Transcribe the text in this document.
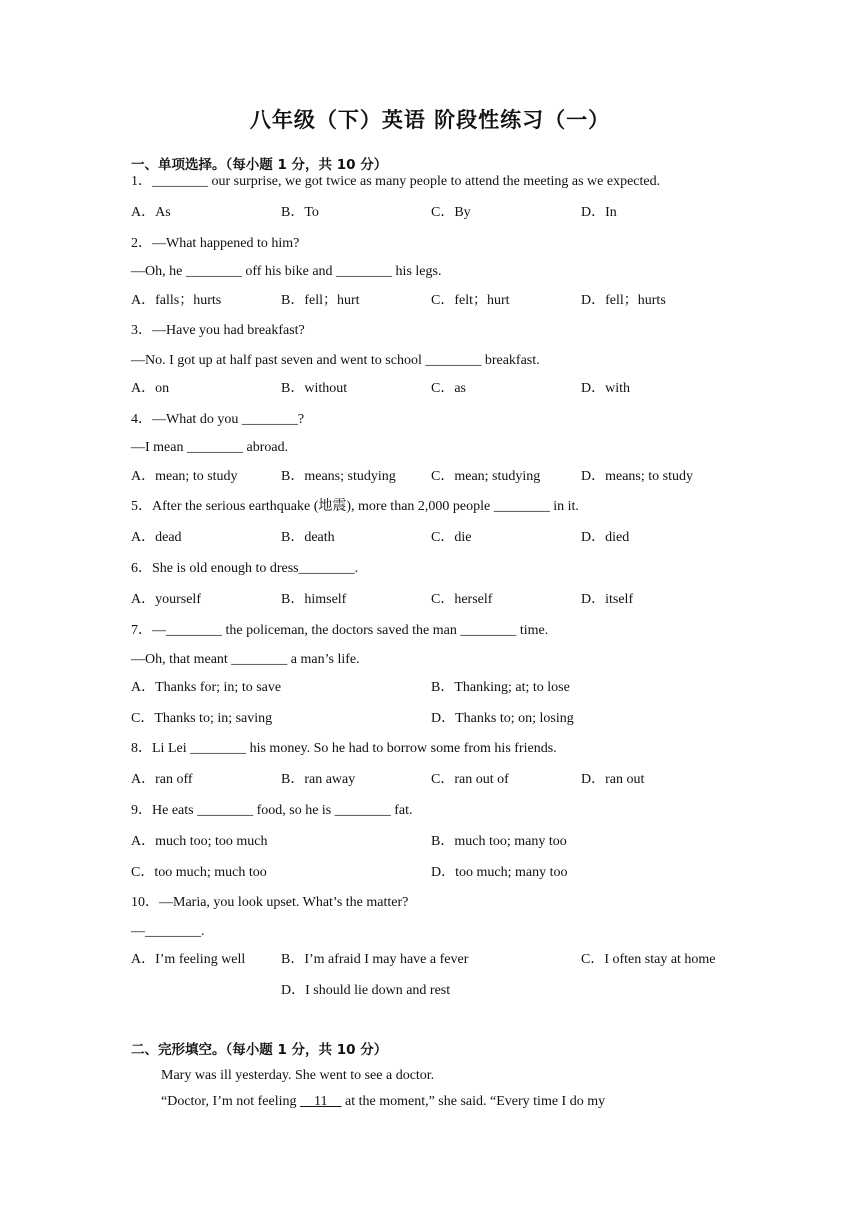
八年级（下）英语 阶段性练习（一）
一、单项选择。（每小题 1 分，共 10 分）
1．________ our surprise, we got twice as many people to attend the meeting as we expected.
A．As	B．To	C．By	D．In
2．—What happened to him?
—Oh, he ________ off his bike and ________ his legs.
A．falls；hurts	B．fell；hurt	C．felt；hurt	D．fell；hurts
3．—Have you had breakfast?
—No. I got up at half past seven and went to school ________ breakfast.
A．on	B．without	C．as	D．with
4．—What do you ________?
—I mean ________ abroad.
A．mean; to study	B．means; studying	C．mean; studying	D．means; to study
5．After the serious earthquake (地震), more than 2,000 people ________ in it.
A．dead	B．death	C．die	D．died
6．She is old enough to dress________.
A．yourself	B．himself	C．herself	D．itself
7．—________ the policeman, the doctors saved the man ________ time.
—Oh, that meant ________ a man’s life.
A．Thanks for; in; to save	B．Thanking; at; to lose
C．Thanks to; in; saving	D．Thanks to; on; losing
8．Li Lei ________ his money. So he had to borrow some from his friends.
A．ran off	B．ran away	C．ran out of	D．ran out
9．He eats ________ food, so he is ________ fat.
A．much too; too much	B．much too; many too
C．too much; much too	D．too much; many too
10．—Maria, you look upset. What’s the matter?
—________.
A．I’m feeling well	B．I’m afraid I may have a fever	C．I often stay at home
D．I should lie down and rest
二、完形填空。（每小题 1 分，共 10 分）
Mary was ill yesterday. She went to see a doctor.
“Doctor, I’m not feeling     11     at the moment,” she said. “Every time I do my
